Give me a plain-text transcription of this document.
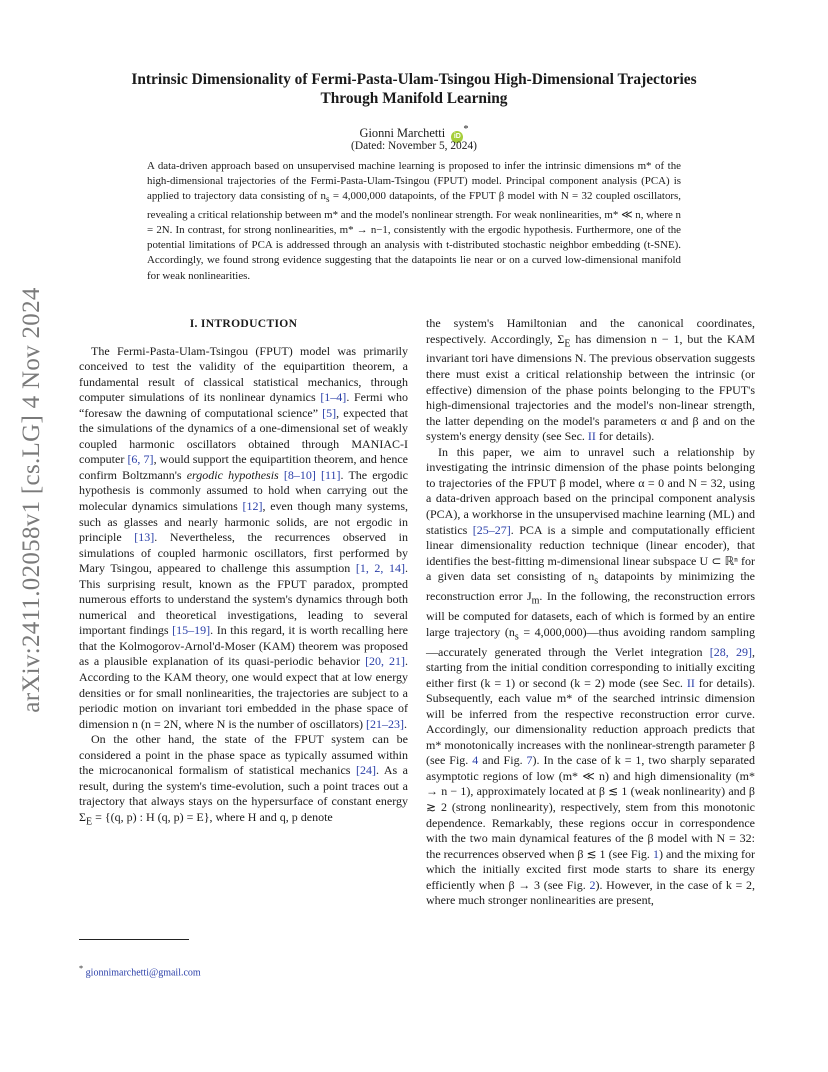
arXiv:2411.02058v1 [cs.LG] 4 Nov 2024
Intrinsic Dimensionality of Fermi-Pasta-Ulam-Tsingou High-Dimensional Trajectories
Through Manifold Learning
Gionni Marchetti iD*
(Dated: November 5, 2024)
A data-driven approach based on unsupervised machine learning is proposed to infer the intrinsic dimensions m* of the high-dimensional trajectories of the Fermi-Pasta-Ulam-Tsingou (FPUT) model. Principal component analysis (PCA) is applied to trajectory data consisting of $n_s = 4,000,000$ datapoints, of the FPUT β model with N = 32 coupled oscillators, revealing a critical relationship between m* and the model's nonlinear strength. For weak nonlinearities, m* ≪ n, where n = 2N. In contrast, for strong nonlinearities, m* → n−1, consistently with the ergodic hypothesis. Furthermore, one of the potential limitations of PCA is addressed through an analysis with t-distributed stochastic neighbor embedding (t-SNE). Accordingly, we found strong evidence suggesting that the datapoints lie near or on a curved low-dimensional manifold for weak nonlinearities.
I. INTRODUCTION

The Fermi-Pasta-Ulam-Tsingou (FPUT) model was primarily conceived to test the validity of the equipartition theorem, a fundamental result of classical statistical mechanics, through computer simulations of its nonlinear dynamics [1–4]. Fermi who “foresaw the dawning of computational science” [5], expected that the simulations of the dynamics of a one-dimensional set of weakly coupled harmonic oscillators obtained through MANIAC-I computer [6, 7], would support the equipartition theorem, and hence confirm Boltzmann's ergodic hypothesis [8–10] [11]. The ergodic hypothesis is commonly assumed to hold when carrying out the molecular dynamics simulations [12], even though many systems, such as glasses and nearly harmonic solids, are not ergodic in principle [13]. Nevertheless, the recurrences observed in simulations of coupled harmonic oscillators, first performed by Mary Tsingou, appeared to challenge this assumption [1, 2, 14]. This surprising result, known as the FPUT paradox, prompted numerous efforts to understand the system's dynamics through both numerical and theoretical investigations, leading to several important findings [15–19]. In this regard, it is worth recalling here that the Kolmogorov-Arnol'd-Moser (KAM) theorem was proposed as a plausible explanation of its quasi-periodic behavior [20, 21]. According to the KAM theory, one would expect that at low energy densities or for small nonlinearities, the trajectories are subject to a periodic motion on invariant tori embedded in the phase space of dimension n (n = 2N, where N is the number of oscillators) [21–23].

On the other hand, the state of the FPUT system can be considered a point in the phase space as typically assumed within the microcanonical formalism of statistical mechanics [24]. As a result, during the system's time-evolution, such a point traces out a trajectory that always stays on the hypersurface of constant energy $\Sigma_E = \{(q$, p) : H (q, p) = E}, where H and q, p denote

the system's Hamiltonian and the canonical coordinates, respectively. Accordingly, $\Sigma_E$ has dimension n − 1, but the KAM invariant tori have dimensions N. The previous observation suggests there must exist a critical relationship between the intrinsic (or effective) dimension of the phase points belonging to the FPUT's high-dimensional trajectories and the model's non-linear strength, the latter depending on the model's parameters α and β and on the system's energy density (see Sec. II for details).

In this paper, we aim to unravel such a relationship by investigating the intrinsic dimension of the phase points belonging to trajectories of the FPUT β model, where α = 0 and N = 32, using a data-driven approach based on the principal component analysis (PCA), a workhorse in the unsupervised machine learning (ML) and statistics [25–27]. PCA is a simple and computationally efficient linear dimensionality reduction technique (linear encoder), that identifies the best-fitting m-dimensional linear subspace U ⊂ ℝⁿ for a given data set consisting of $n_s$ datapoints by minimizing the reconstruction error $J_m$. In the following, the reconstruction errors will be computed for datasets, each of which is formed by an entire large trajectory ($n_s$ = 4,000,000)—thus avoiding random sampling—accurately generated through the Verlet integration [28, 29], starting from the initial condition corresponding to initially exciting either first (k = 1) or second (k = 2) mode (see Sec. II for details). Subsequently, each value m* of the searched intrinsic dimension will be inferred from the respective reconstruction error curve. Accordingly, our dimensionality reduction approach predicts that m* monotonically increases with the nonlinear-strength parameter β (see Fig. 4 and Fig. 7). In the case of k = 1, two sharply separated asymptotic regions of low (m* ≪ n) and high dimensionality (m* → n − 1), approximately located at β ≲ 1 (weak nonlinearity) and β ≳ 2 (strong nonlinearity), respectively, stem from this monotonic dependence. Remarkably, these regions occur in correspondence with the two main dynamical features of the β model with N = 32: the recurrences observed when β ≲ 1 (see Fig. 1) and the mixing for which the initially excited first mode starts to share its energy efficiently when β → 3 (see Fig. 2). However, in the case of k = 2, where much stronger nonlinearities are present,

* gionnimarchetti@gmail.com
